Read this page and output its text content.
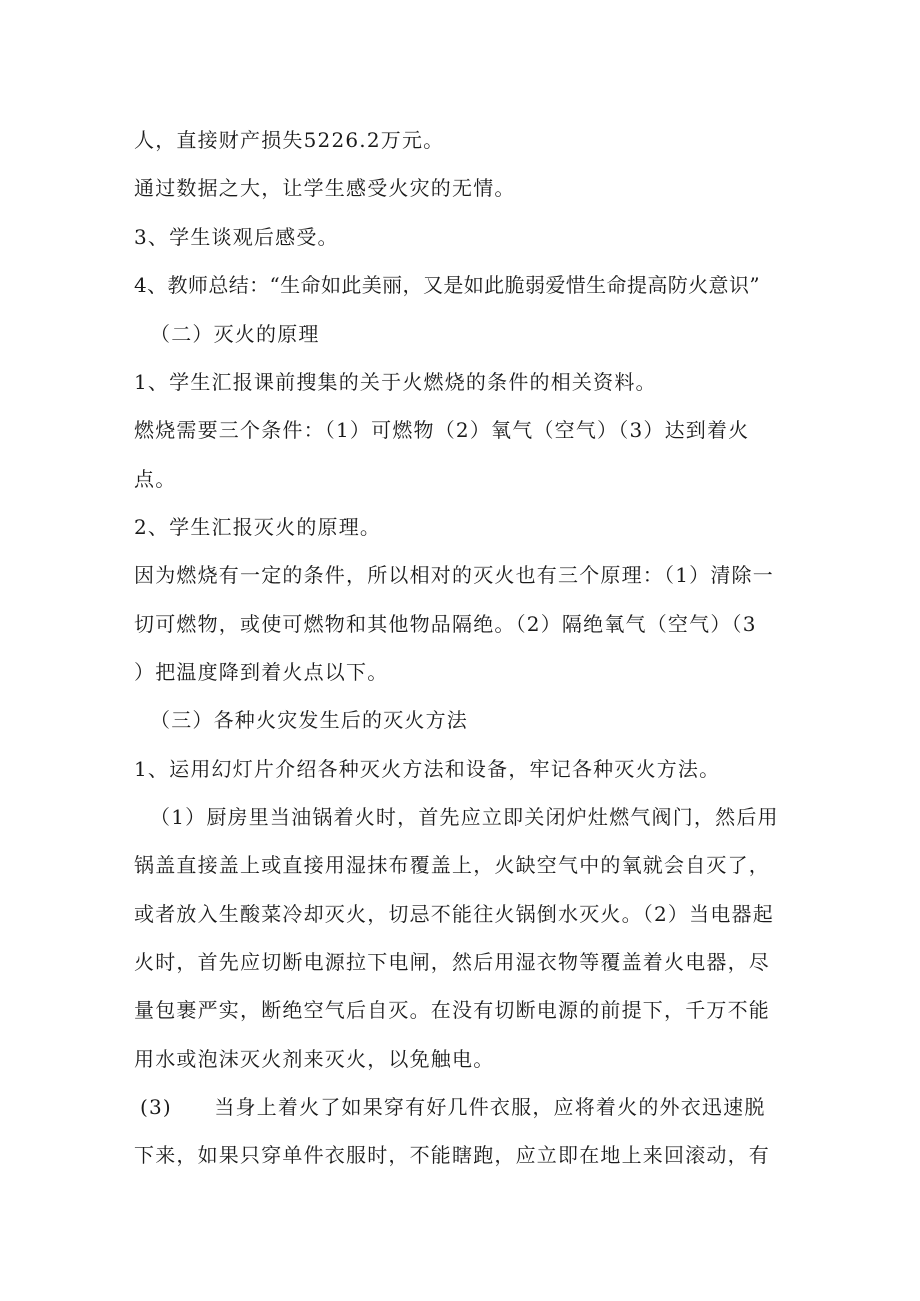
人，直接财产损失5226.2万元。
通过数据之大，让学生感受火灾的无情。
3、学生谈观后感受。
4、教师总结：“生命如此美丽，又是如此脆弱爱惜生命提高防火意识”
（二）灭火的原理
1、学生汇报课前搜集的关于火燃烧的条件的相关资料。
燃烧需要三个条件：（1）可燃物（2）氧气（空气）（3）达到着火
点。
2、学生汇报灭火的原理。
因为燃烧有一定的条件，所以相对的灭火也有三个原理：（1）清除一
切可燃物，或使可燃物和其他物品隔绝。（2）隔绝氧气（空气）（3
）把温度降到着火点以下。
（三）各种火灾发生后的灭火方法
1、运用幻灯片介绍各种灭火方法和设备，牢记各种灭火方法。
（1）厨房里当油锅着火时，首先应立即关闭炉灶燃气阀门，然后用
锅盖直接盖上或直接用湿抹布覆盖上，火缺空气中的氧就会自灭了，
或者放入生酸菜冷却灭火，切忌不能往火锅倒水灭火。（2）当电器起
火时，首先应切断电源拉下电闸，然后用湿衣物等覆盖着火电器，尽
量包裹严实，断绝空气后自灭。在没有切断电源的前提下，千万不能
用水或泡沫灭火剂来灭火，以免触电。
(3)　　当身上着火了如果穿有好几件衣服，应将着火的外衣迅速脱
下来，如果只穿单件衣服时，不能瞎跑，应立即在地上来回滚动，有
